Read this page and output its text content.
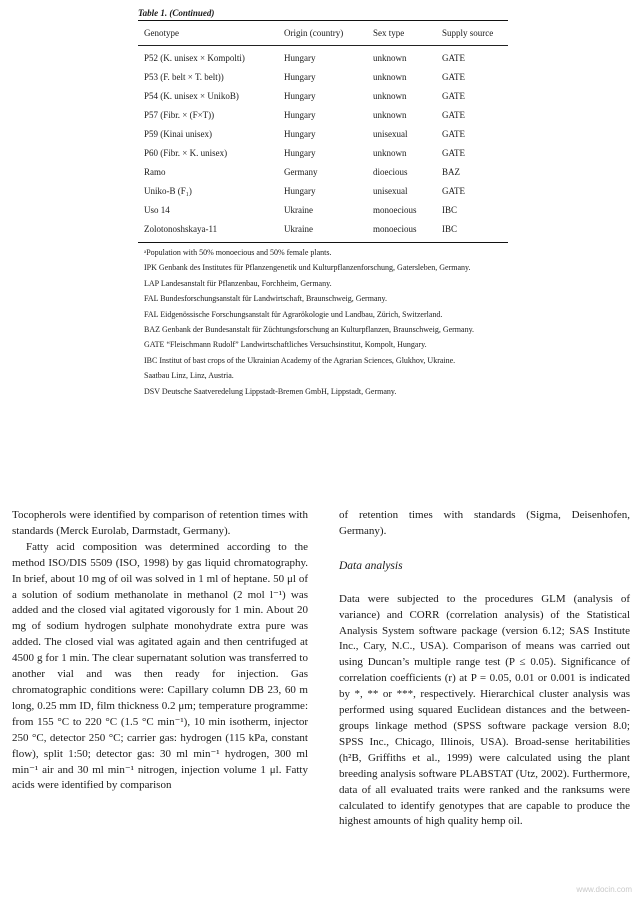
Table 1. (Continued)
Genotype	Origin (country)	Sex type	Supply source
P52 (K. unisex × Kompolti)	Hungary	unknown	GATE
P53 (F. belt × T. belt))	Hungary	unknown	GATE
P54 (K. unisex × UnikoB)	Hungary	unknown	GATE
P57 (Fibr. × (F×T))	Hungary	unknown	GATE
P59 (Kinai unisex)	Hungary	unisexual	GATE
P60 (Fibr. × K. unisex)	Hungary	unknown	GATE
Ramo	Germany	dioecious	BAZ
Uniko-B (F₁)	Hungary	unisexual	GATE
Uso 14	Ukraine	monoecious	IBC
Zolotonoshskaya-11	Ukraine	monoecious	IBC
ᵃPopulation with 50% monoecious and 50% female plants.
IPK Genbank des Institutes für Pflanzengenetik und Kulturpflanzenforschung, Gatersleben, Germany.
LAP Landesanstalt für Pflanzenbau, Forchheim, Germany.
FAL Bundesforschungsanstalt für Landwirtschaft, Braunschweig, Germany.
FAL Eidgenössische Forschungsanstalt für Agrarökologie und Landbau, Zürich, Switzerland.
BAZ Genbank der Bundesanstalt für Züchtungsforschung an Kulturpflanzen, Braunschweig, Germany.
GATE “Fleischmann Rudolf” Landwirtschaftliches Versuchsinstitut, Kompolt, Hungary.
IBC Institut of bast crops of the Ukrainian Academy of the Agrarian Sciences, Glukhov, Ukraine.
Saatbau Linz, Linz, Austria.
DSV Deutsche Saatveredelung Lippstadt-Bremen GmbH, Lippstadt, Germany.

Tocopherols were identified by comparison of retention times with standards (Merck Eurolab, Darmstadt, Germany).

Fatty acid composition was determined according to the method ISO/DIS 5509 (ISO, 1998) by gas liquid chromatography. In brief, about 10 mg of oil was solved in 1 ml of heptane. 50 μl of a solution of sodium methanolate in methanol (2 mol l⁻¹) was added and the closed vial agitated vigorously for 1 min. About 20 mg of sodium hydrogen sulphate monohydrate extra pure was added. The closed vial was agitated again and then centrifuged at 4500 g for 1 min. The clear supernatant solution was transferred to another vial and was then ready for injection. Gas chromatographic conditions were: Capillary column DB 23, 60 m long, 0.25 mm ID, film thickness 0.2 μm; temperature programme: from 155 °C to 220 °C (1.5 °C min⁻¹), 10 min isotherm, injector 250 °C, detector 250 °C; carrier gas: hydrogen (115 kPa, constant flow), split 1:50; detector gas: 30 ml min⁻¹ hydrogen, 300 ml min⁻¹ air and 30 ml min⁻¹ nitrogen, injection volume 1 μl. Fatty acids were identified by comparison

of retention times with standards (Sigma, Deisenhofen, Germany).

Data analysis

Data were subjected to the procedures GLM (analysis of variance) and CORR (correlation analysis) of the Statistical Analysis System software package (version 6.12; SAS Institute Inc., Cary, N.C., USA). Comparison of means was carried out using Duncan’s multiple range test (P ≤ 0.05). Significance of correlation coefficients (r) at P = 0.05, 0.01 or 0.001 is indicated by *, ** or ***, respectively. Hierarchical cluster analysis was performed using squared Euclidean distances and the between-groups linkage method (SPSS software package version 8.0; SPSS Inc., Chicago, Illinois, USA). Broad-sense heritabilities (h²B, Griffiths et al., 1999) were calculated using the plant breeding analysis software PLABSTAT (Utz, 2002). Furthermore, data of all evaluated traits were ranked and the ranksums were calculated to identify genotypes that are capable to produce the highest amounts of high quality hemp oil.

www.docin.com
